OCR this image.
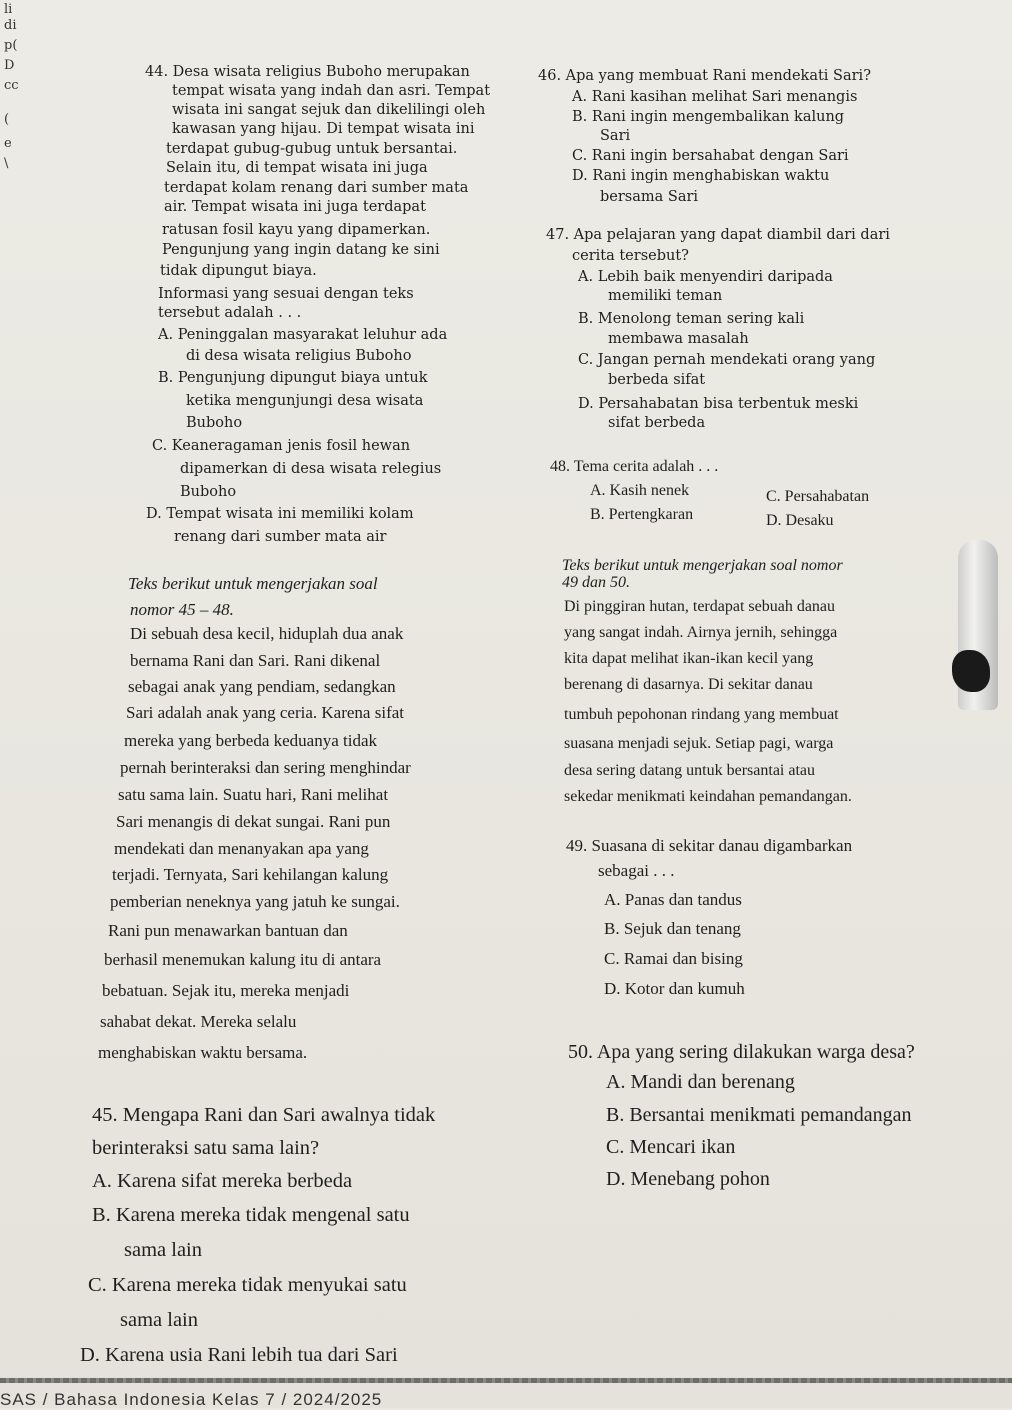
li
di
p(
D
cc
(
e
\
44. Desa wisata religius Buboho merupakan
tempat wisata yang indah dan asri. Tempat
wisata ini sangat sejuk dan dikelilingi oleh
kawasan yang hijau. Di tempat wisata ini
terdapat gubug-gubug untuk bersantai.
Selain itu, di tempat wisata ini juga
terdapat kolam renang dari sumber mata
air. Tempat wisata ini juga terdapat
ratusan fosil kayu yang dipamerkan.
Pengunjung yang ingin datang ke sini
tidak dipungut biaya.
Informasi yang sesuai dengan teks
tersebut adalah . . .
A. Peninggalan masyarakat leluhur ada
di desa wisata religius Buboho
B. Pengunjung dipungut biaya untuk
ketika mengunjungi desa wisata
Buboho
C. Keaneragaman jenis fosil hewan
dipamerkan di desa wisata relegius
Buboho
D. Tempat wisata ini memiliki kolam
renang dari sumber mata air
Teks berikut untuk mengerjakan soal
nomor 45 – 48.
Di sebuah desa kecil, hiduplah dua anak
bernama Rani dan Sari. Rani dikenal
sebagai anak yang pendiam, sedangkan
Sari adalah anak yang ceria. Karena sifat
mereka yang berbeda keduanya tidak
pernah berinteraksi dan sering menghindar
satu sama lain. Suatu hari, Rani melihat
Sari menangis di dekat sungai. Rani pun
mendekati dan menanyakan apa yang
terjadi. Ternyata, Sari kehilangan kalung
pemberian neneknya yang jatuh ke sungai.
Rani pun menawarkan bantuan dan
berhasil menemukan kalung itu di antara
bebatuan. Sejak itu, mereka menjadi
sahabat dekat. Mereka selalu
menghabiskan waktu bersama.
45. Mengapa Rani dan Sari awalnya tidak
berinteraksi satu sama lain?
A. Karena sifat mereka berbeda
B. Karena mereka tidak mengenal satu
sama lain
C. Karena mereka tidak menyukai satu
sama lain
D. Karena usia Rani lebih tua dari Sari
46. Apa yang membuat Rani mendekati Sari?
A. Rani kasihan melihat Sari menangis
B. Rani ingin mengembalikan kalung
Sari
C. Rani ingin bersahabat dengan Sari
D. Rani ingin menghabiskan waktu
bersama Sari
47. Apa pelajaran yang dapat diambil dari dari
cerita tersebut?
A. Lebih baik menyendiri daripada
memiliki teman
B. Menolong teman sering kali
membawa masalah
C. Jangan pernah mendekati orang yang
berbeda sifat
D. Persahabatan bisa terbentuk meski
sifat berbeda
48. Tema cerita adalah . . .
A. Kasih nenek	C. Persahabatan
B. Pertengkaran	D. Desaku
Teks berikut untuk mengerjakan soal nomor
49 dan 50.
Di pinggiran hutan, terdapat sebuah danau
yang sangat indah. Airnya jernih, sehingga
kita dapat melihat ikan-ikan kecil yang
berenang di dasarnya. Di sekitar danau
tumbuh pepohonan rindang yang membuat
suasana menjadi sejuk. Setiap pagi, warga
desa sering datang untuk bersantai atau
sekedar menikmati keindahan pemandangan.
49. Suasana di sekitar danau digambarkan
sebagai . . .
A. Panas dan tandus
B. Sejuk dan tenang
C. Ramai dan bising
D. Kotor dan kumuh
50. Apa yang sering dilakukan warga desa?
A. Mandi dan berenang
B. Bersantai menikmati pemandangan
C. Mencari ikan
D. Menebang pohon
SAS / Bahasa Indonesia Kelas 7 / 2024/2025
